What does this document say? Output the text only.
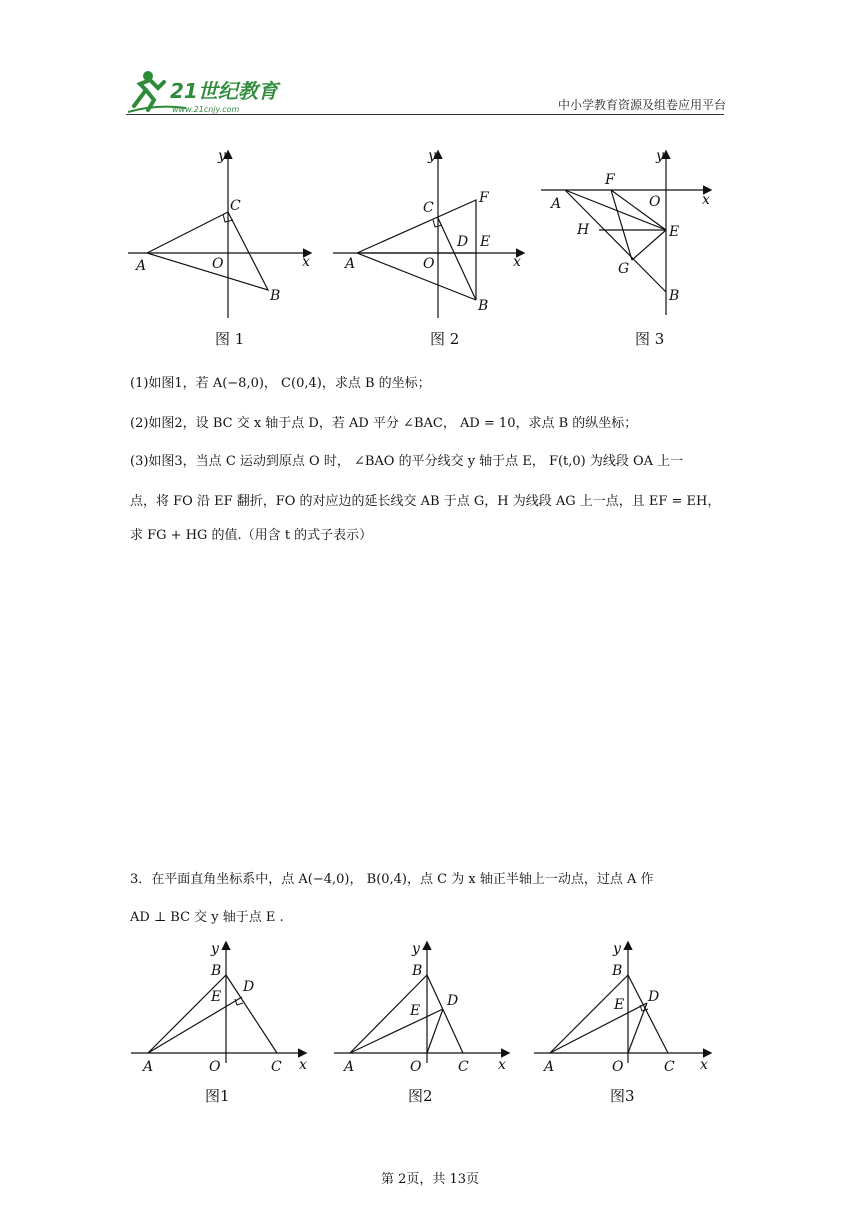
21世纪教育
www.21cnjy.com	中小学教育资源及组卷应用平台
y
x
A	O
C
B
图 1
y
x
A	O
C
F
D E
B
图 2
y
x
A
F
O
E
H
G
B
图 3
(1)如图1，若 A(−8,0)， C(0,4)，求点 B 的坐标；
(2)如图2，设 BC 交 x 轴于点 D，若 AD 平分 ∠BAC， AD = 10，求点 B 的纵坐标；
(3)如图3，当点 C 运动到原点 O 时， ∠BAO 的平分线交 y 轴于点 E， F(t,0) 为线段 OA 上一
点，将 FO 沿 EF 翻折，FO 的对应边的延长线交 AB 于点 G，H 为线段 AG 上一点，且 EF = EH，
求 FG + HG 的值.（用含 t 的式子表示）
3．在平面直角坐标系中，点 A(−4,0)， B(0,4)，点 C 为 x 轴正半轴上一动点，过点 A 作
AD ⊥ BC 交 y 轴于点 E .
y
x
A	O	C
B
D
E
图1
y
x
A	O	C
B
D
E
图2
y
x
A	O	C
B
D
E
图3
第 2页，共 13页
